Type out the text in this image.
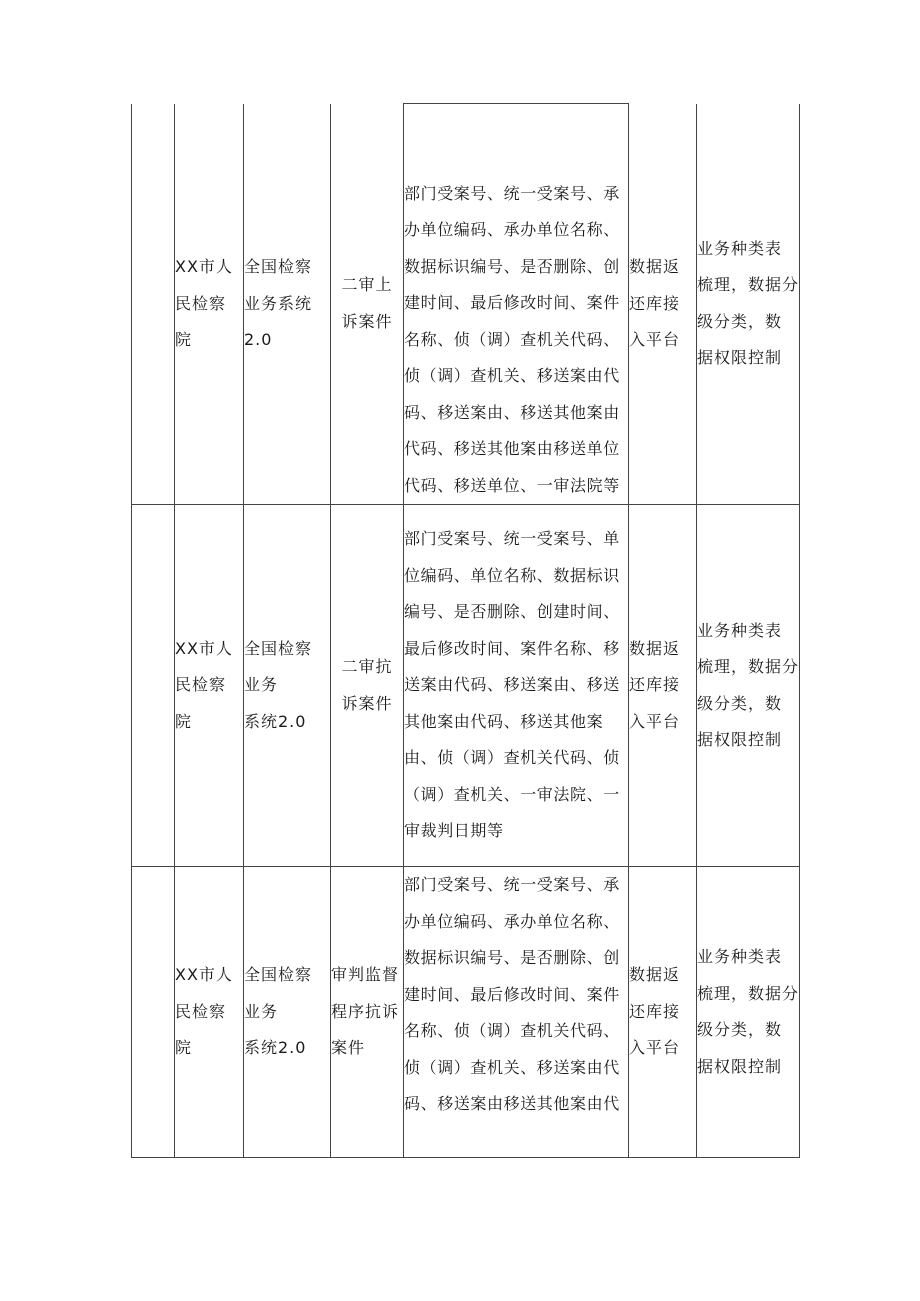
	XX市人
民检察
院	全国检察
业务系统
2.0	二审上
诉案件	部门受案号、统一受案号、承办单位编码、承办单位名称、数据标识编号、是否删除、创建时间、最后修改时间、案件名称、侦（调）查机关代码、侦（调）查机关、移送案由代码、移送案由、移送其他案由代码、移送其他案由移送单位代码、移送单位、一审法院等	数据返
还库接
入平台	业务种类表
梳理，数据分
级分类，数
据权限控制

	XX市人
民检察
院	全国检察
业务
系统2.0	二审抗
诉案件	部门受案号、统一受案号、单位编码、单位名称、数据标识编号、是否删除、创建时间、最后修改时间、案件名称、移送案由代码、移送案由、移送其他案由代码、移送其他案由、侦（调）查机关代码、侦（调）查机关、一审法院、一审裁判日期等	数据返
还库接
入平台	业务种类表
梳理，数据分
级分类，数
据权限控制

	XX市人
民检察
院	全国检察
业务
系统2.0	审判监督
程序抗诉
案件	部门受案号、统一受案号、承办单位编码、承办单位名称、数据标识编号、是否删除、创建时间、最后修改时间、案件名称、侦（调）查机关代码、侦（调）查机关、移送案由代码、移送案由移送其他案由代	数据返
还库接
入平台	业务种类表
梳理，数据分
级分类，数
据权限控制
